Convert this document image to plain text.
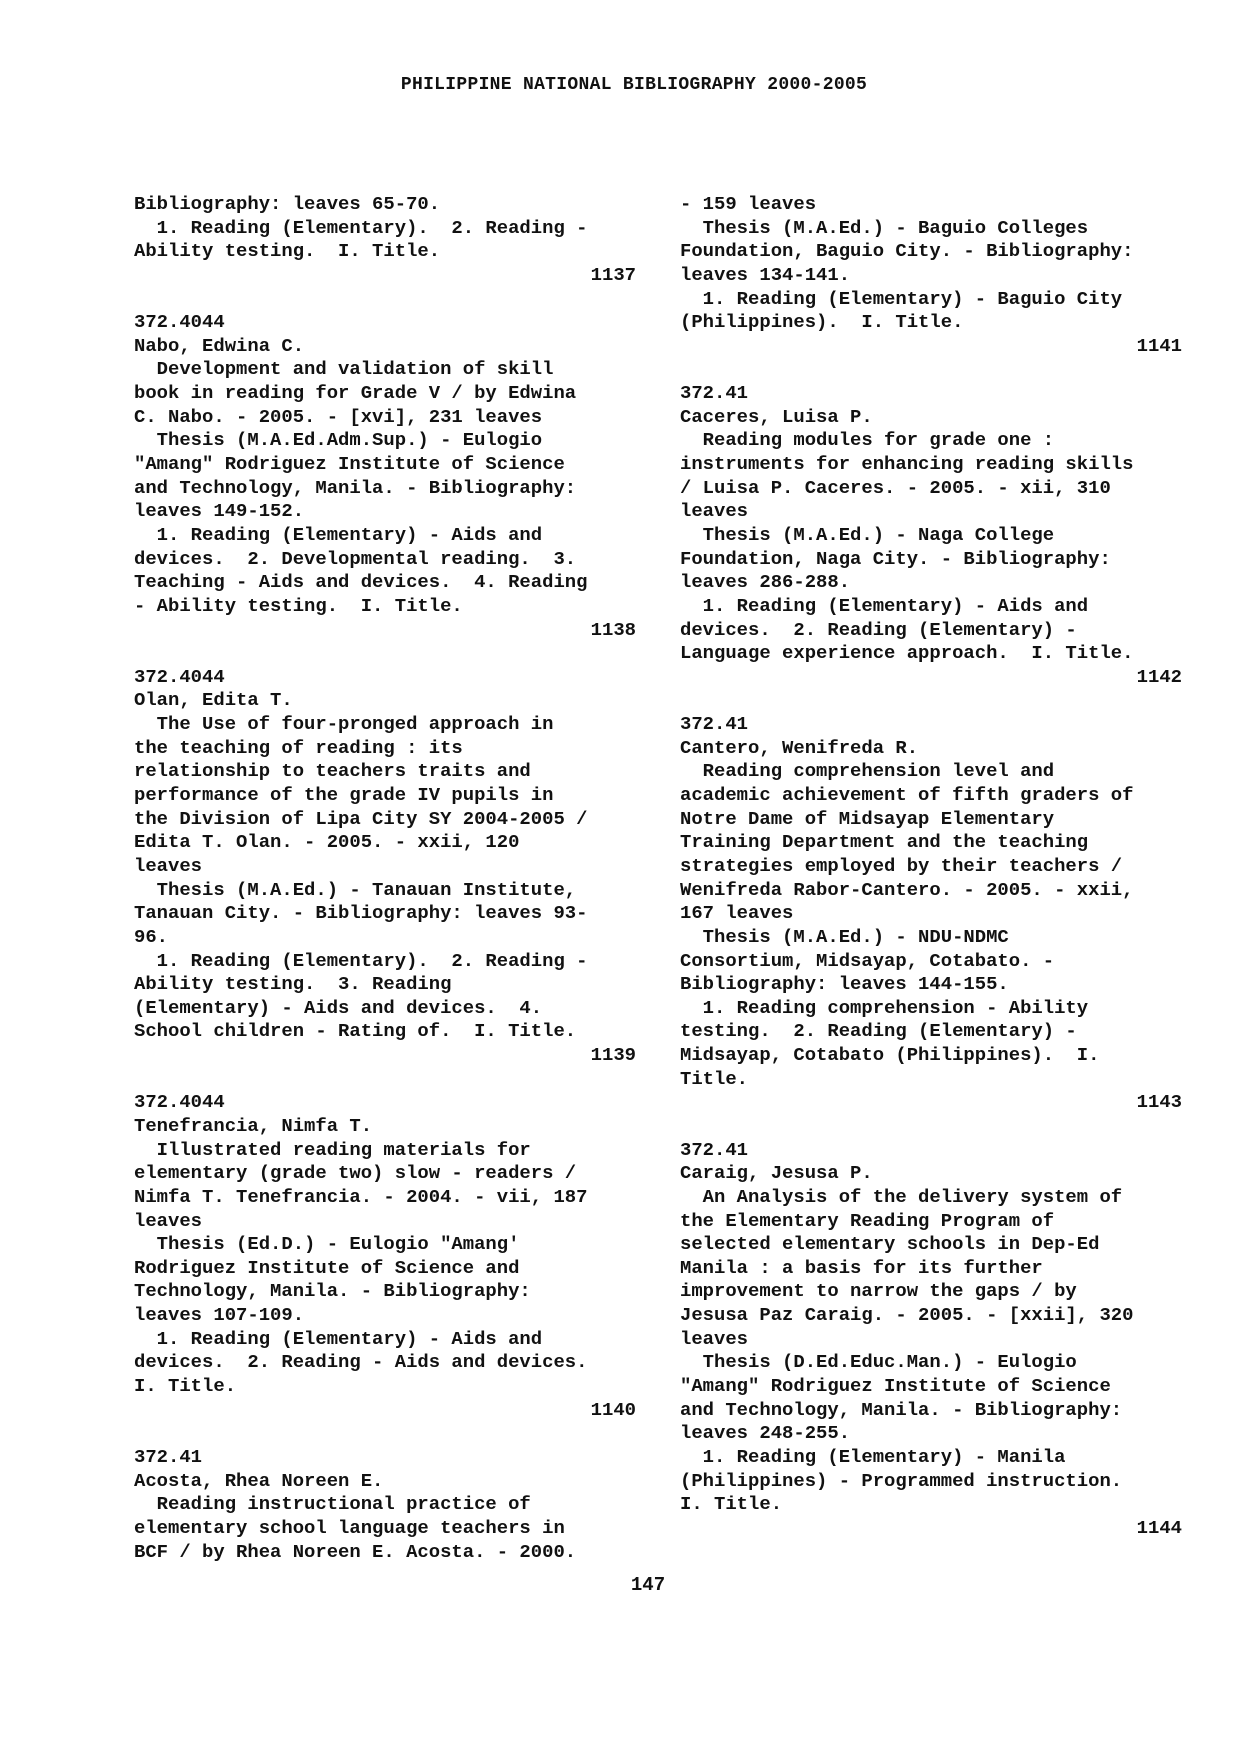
PHILIPPINE NATIONAL BIBLIOGRAPHY 2000-2005
Bibliography: leaves 65-70.
1. Reading (Elementary).  2. Reading -
Ability testing.  I. Title.
1137
372.4044
Nabo, Edwina C.
Development and validation of skill
book in reading for Grade V / by Edwina
C. Nabo. - 2005. - [xvi], 231 leaves
Thesis (M.A.Ed.Adm.Sup.) - Eulogio
"Amang" Rodriguez Institute of Science
and Technology, Manila. - Bibliography:
leaves 149-152.
1. Reading (Elementary) - Aids and
devices.  2. Developmental reading.  3.
Teaching - Aids and devices.  4. Reading
- Ability testing.  I. Title.
1138
372.4044
Olan, Edita T.
The Use of four-pronged approach in
the teaching of reading : its
relationship to teachers traits and
performance of the grade IV pupils in
the Division of Lipa City SY 2004-2005 /
Edita T. Olan. - 2005. - xxii, 120
leaves
Thesis (M.A.Ed.) - Tanauan Institute,
Tanauan City. - Bibliography: leaves 93-
96.
1. Reading (Elementary).  2. Reading -
Ability testing.  3. Reading
(Elementary) - Aids and devices.  4.
School children - Rating of.  I. Title.
1139
372.4044
Tenefrancia, Nimfa T.
Illustrated reading materials for
elementary (grade two) slow - readers /
Nimfa T. Tenefrancia. - 2004. - vii, 187
leaves
Thesis (Ed.D.) - Eulogio "Amang'
Rodriguez Institute of Science and
Technology, Manila. - Bibliography:
leaves 107-109.
1. Reading (Elementary) - Aids and
devices.  2. Reading - Aids and devices.
I. Title.
1140
372.41
Acosta, Rhea Noreen E.
Reading instructional practice of
elementary school language teachers in
BCF / by Rhea Noreen E. Acosta. - 2000.
- 159 leaves
Thesis (M.A.Ed.) - Baguio Colleges
Foundation, Baguio City. - Bibliography:
leaves 134-141.
1. Reading (Elementary) - Baguio City
(Philippines).  I. Title.
1141
372.41
Caceres, Luisa P.
Reading modules for grade one :
instruments for enhancing reading skills
/ Luisa P. Caceres. - 2005. - xii, 310
leaves
Thesis (M.A.Ed.) - Naga College
Foundation, Naga City. - Bibliography:
leaves 286-288.
1. Reading (Elementary) - Aids and
devices.  2. Reading (Elementary) -
Language experience approach.  I. Title.
1142
372.41
Cantero, Wenifreda R.
Reading comprehension level and
academic achievement of fifth graders of
Notre Dame of Midsayap Elementary
Training Department and the teaching
strategies employed by their teachers /
Wenifreda Rabor-Cantero. - 2005. - xxii,
167 leaves
Thesis (M.A.Ed.) - NDU-NDMC
Consortium, Midsayap, Cotabato. -
Bibliography: leaves 144-155.
1. Reading comprehension - Ability
testing.  2. Reading (Elementary) -
Midsayap, Cotabato (Philippines).  I.
Title.
1143
372.41
Caraig, Jesusa P.
An Analysis of the delivery system of
the Elementary Reading Program of
selected elementary schools in Dep-Ed
Manila : a basis for its further
improvement to narrow the gaps / by
Jesusa Paz Caraig. - 2005. - [xxii], 320
leaves
Thesis (D.Ed.Educ.Man.) - Eulogio
"Amang" Rodriguez Institute of Science
and Technology, Manila. - Bibliography:
leaves 248-255.
1. Reading (Elementary) - Manila
(Philippines) - Programmed instruction.
I. Title.
1144
147
